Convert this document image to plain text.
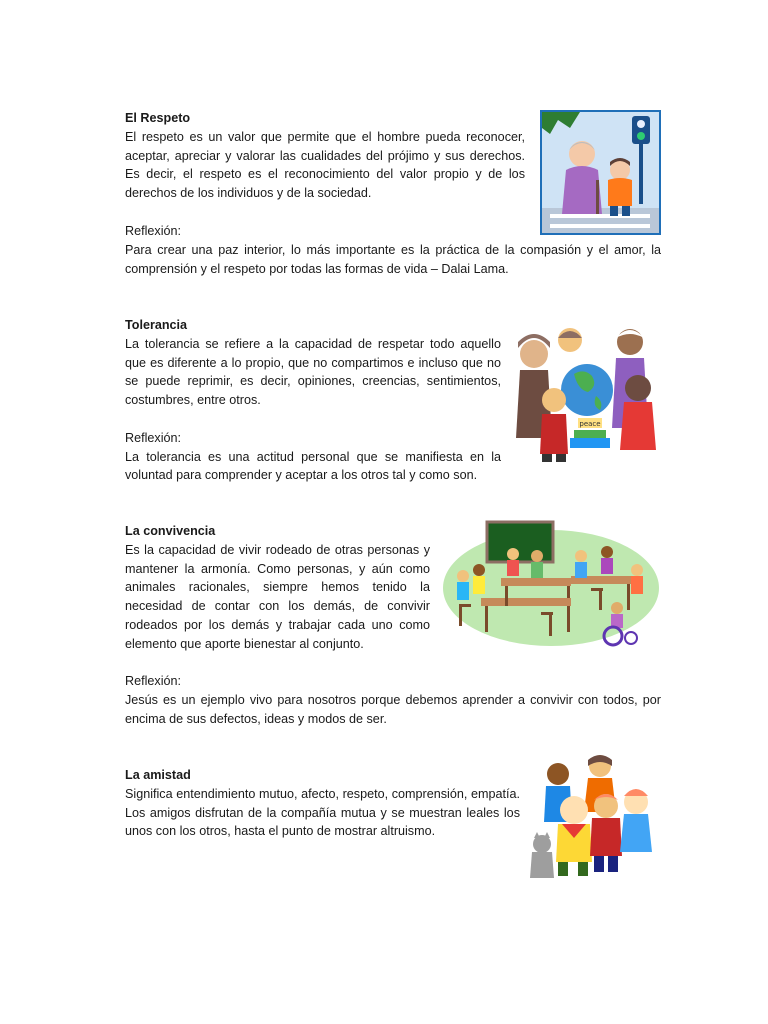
El Respeto

El respeto es un valor que permite que el hombre pueda reconocer, aceptar, apreciar y valorar las cualidades del prójimo y sus derechos. Es decir, el respeto es el reconocimiento del valor propio y de los derechos de los individuos y de la sociedad.

Reflexión:

Para crear una paz interior, lo más importante es la práctica de la compasión y el amor, la comprensión y el respeto por todas las formas de vida – Dalai Lama.

Tolerancia

La tolerancia se refiere a la capacidad de respetar todo aquello que es diferente a lo propio, que no compartimos e incluso que no se puede reprimir, es decir, opiniones, creencias, sentimientos, costumbres, entre otros.

Reflexión:

La tolerancia es una actitud personal que se manifiesta en la voluntad para comprender y aceptar a los otros tal y como son.

peace

La convivencia

Es la capacidad de vivir rodeado de otras personas y mantener la armonía. Como personas, y aún como animales racionales, siempre hemos tenido la necesidad de contar con los demás, de convivir rodeados por los demás y trabajar cada uno como elemento que aporte bienestar al conjunto.

Reflexión:

Jesús es un ejemplo vivo para nosotros porque debemos aprender a convivir con todos, por encima de sus defectos, ideas y modos de ser.

La amistad

Significa entendimiento mutuo, afecto, respeto, comprensión, empatía. Los amigos disfrutan de la compañía mutua y se muestran leales los unos con los otros, hasta el punto de mostrar altruismo.
